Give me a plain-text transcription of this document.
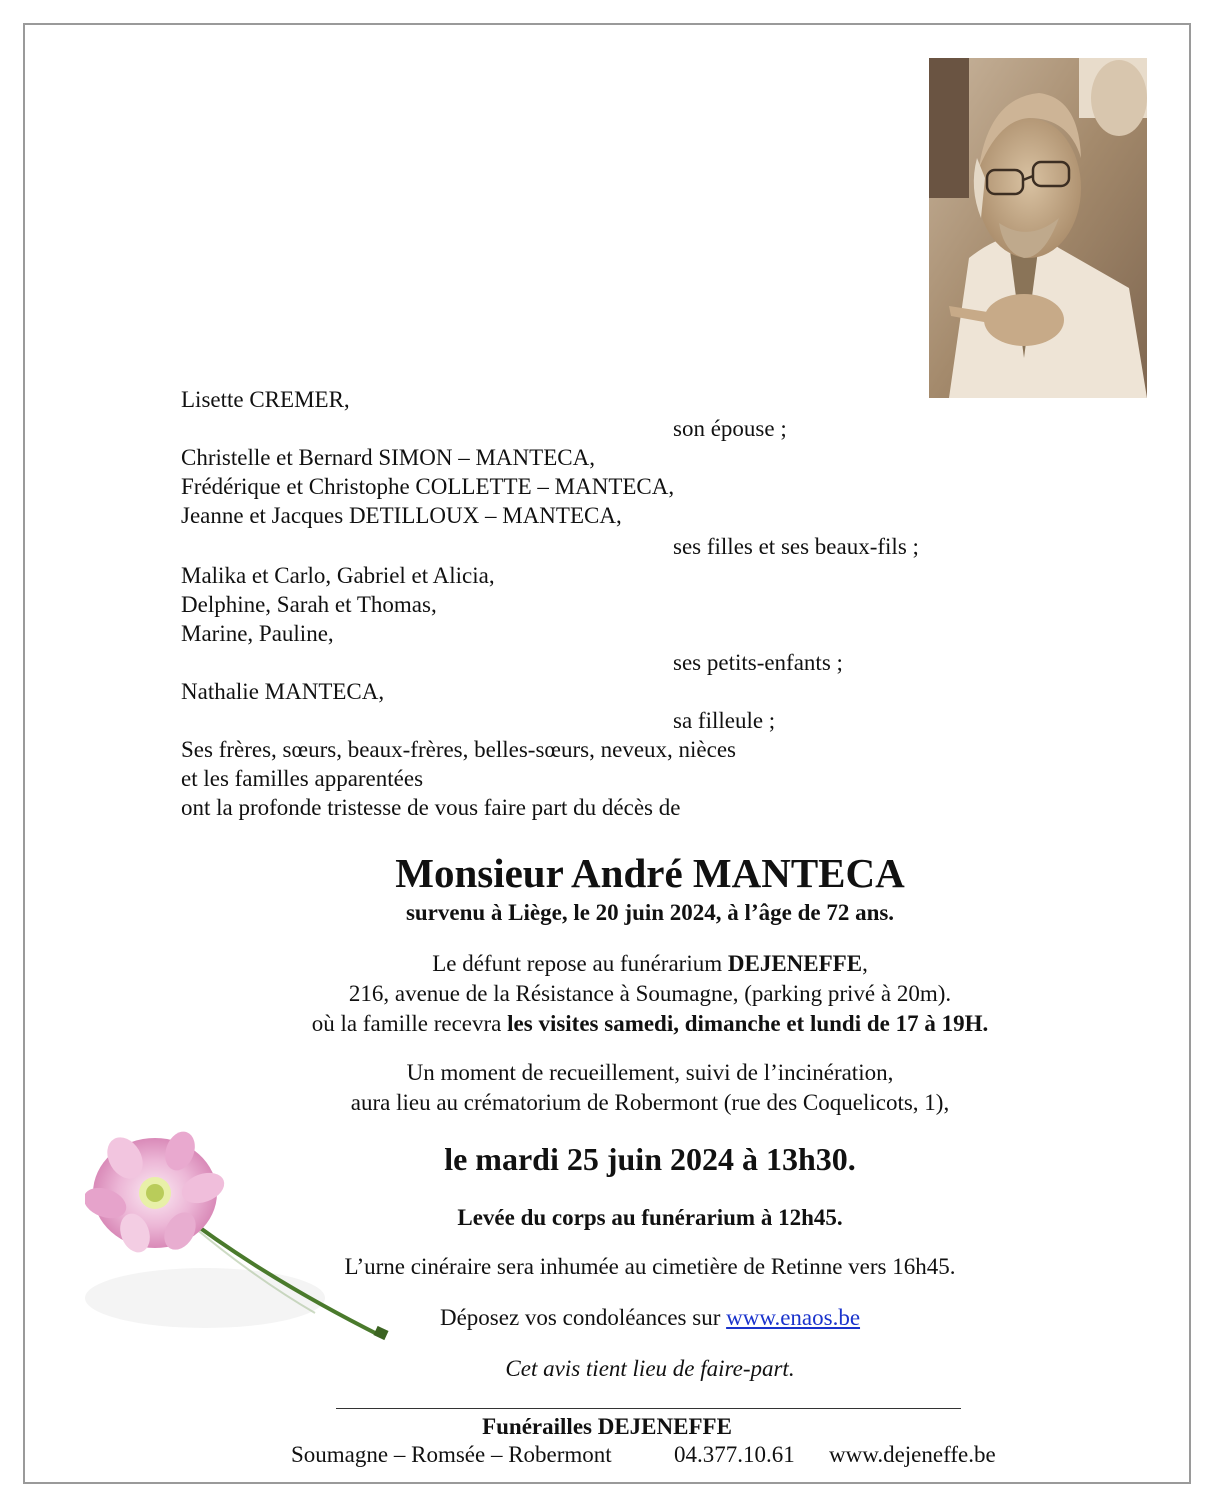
Lisette CREMER,
son épouse ;
Christelle et Bernard SIMON – MANTECA,
Frédérique et Christophe COLLETTE – MANTECA,
Jeanne et Jacques DETILLOUX – MANTECA,
ses filles et ses beaux-fils ;
Malika et Carlo, Gabriel et Alicia,
Delphine, Sarah et Thomas,
Marine, Pauline,
ses petits-enfants ;
Nathalie MANTECA,
sa filleule ;
Ses frères, sœurs, beaux-frères, belles-sœurs, neveux, nièces
et les familles apparentées
ont la profonde tristesse de vous faire part du décès de
Monsieur André MANTECA
survenu à Liège, le 20 juin 2024, à l’âge de 72 ans.
Le défunt repose au funérarium DEJENEFFE,
216, avenue de la Résistance à Soumagne, (parking privé à 20m).
où la famille recevra les visites samedi, dimanche et lundi de 17 à 19H.
Un moment de recueillement, suivi de l’incinération,
aura lieu au crématorium de Robermont (rue des Coquelicots, 1),
le mardi 25 juin 2024 à 13h30.
Levée du corps au funérarium à 12h45.
L’urne cinéraire sera inhumée au cimetière de Retinne vers 16h45.
Déposez vos condoléances sur www.enaos.be
Cet avis tient lieu de faire-part.
Funérailles DEJENEFFE
Soumagne – Romsée – Robermont	04.377.10.61 www.dejeneffe.be
